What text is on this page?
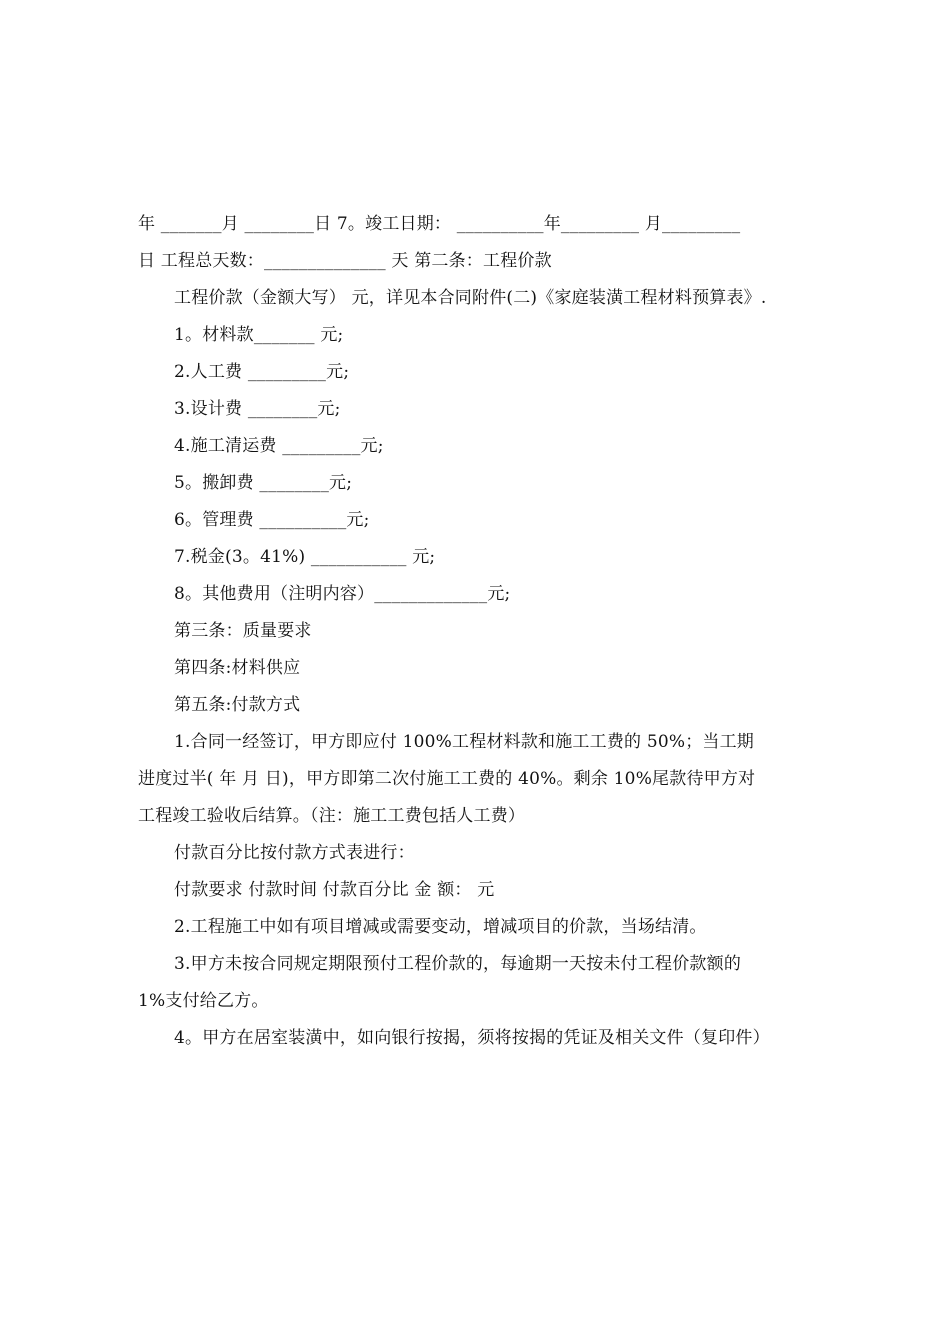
年 _______月 ________日 7。竣工日期： __________年_________ 月_________
日 工程总天数：______________ 天 第二条：工程价款
工程价款（金额大写） 元，详见本合同附件(二)《家庭装潢工程材料预算表》.
1。材料款_______ 元;
2.人工费 _________元;
3.设计费 ________元;
4.施工清运费 _________元;
5。搬卸费 ________元;
6。管理费 __________元;
7.税金(3。41%) ___________ 元;
8。其他费用（注明内容）_____________元;
第三条：质量要求
第四条:材料供应
第五条:付款方式
1.合同一经签订，甲方即应付 100%工程材料款和施工工费的 50%；当工期
进度过半( 年 月 日)，甲方即第二次付施工工费的 40%。剩余 10%尾款待甲方对
工程竣工验收后结算。（注：施工工费包括人工费）
付款百分比按付款方式表进行：
付款要求 付款时间 付款百分比 金 额： 元
2.工程施工中如有项目增减或需要变动，增减项目的价款，当场结清。
3.甲方未按合同规定期限预付工程价款的，每逾期一天按未付工程价款额的
1%支付给乙方。
4。甲方在居室装潢中，如向银行按揭，须将按揭的凭证及相关文件（复印件）
